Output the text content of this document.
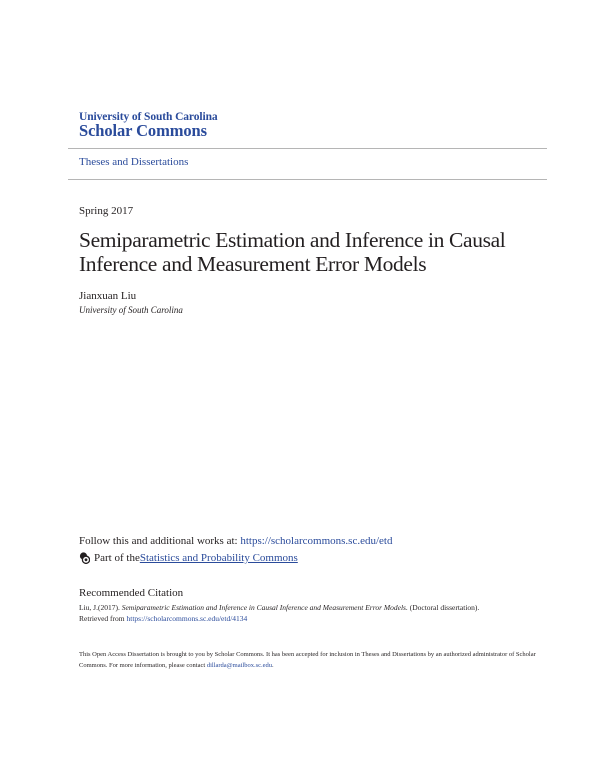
University of South Carolina
Scholar Commons
Theses and Dissertations
Spring 2017
Semiparametric Estimation and Inference in Causal Inference and Measurement Error Models
Jianxuan Liu
University of South Carolina
Follow this and additional works at: https://scholarcommons.sc.edu/etd
Part of the Statistics and Probability Commons
Recommended Citation
Liu, J.(2017). Semiparametric Estimation and Inference in Causal Inference and Measurement Error Models. (Doctoral dissertation).
Retrieved from https://scholarcommons.sc.edu/etd/4134
This Open Access Dissertation is brought to you by Scholar Commons. It has been accepted for inclusion in Theses and Dissertations by an authorized administrator of Scholar Commons. For more information, please contact dillarda@mailbox.sc.edu.
